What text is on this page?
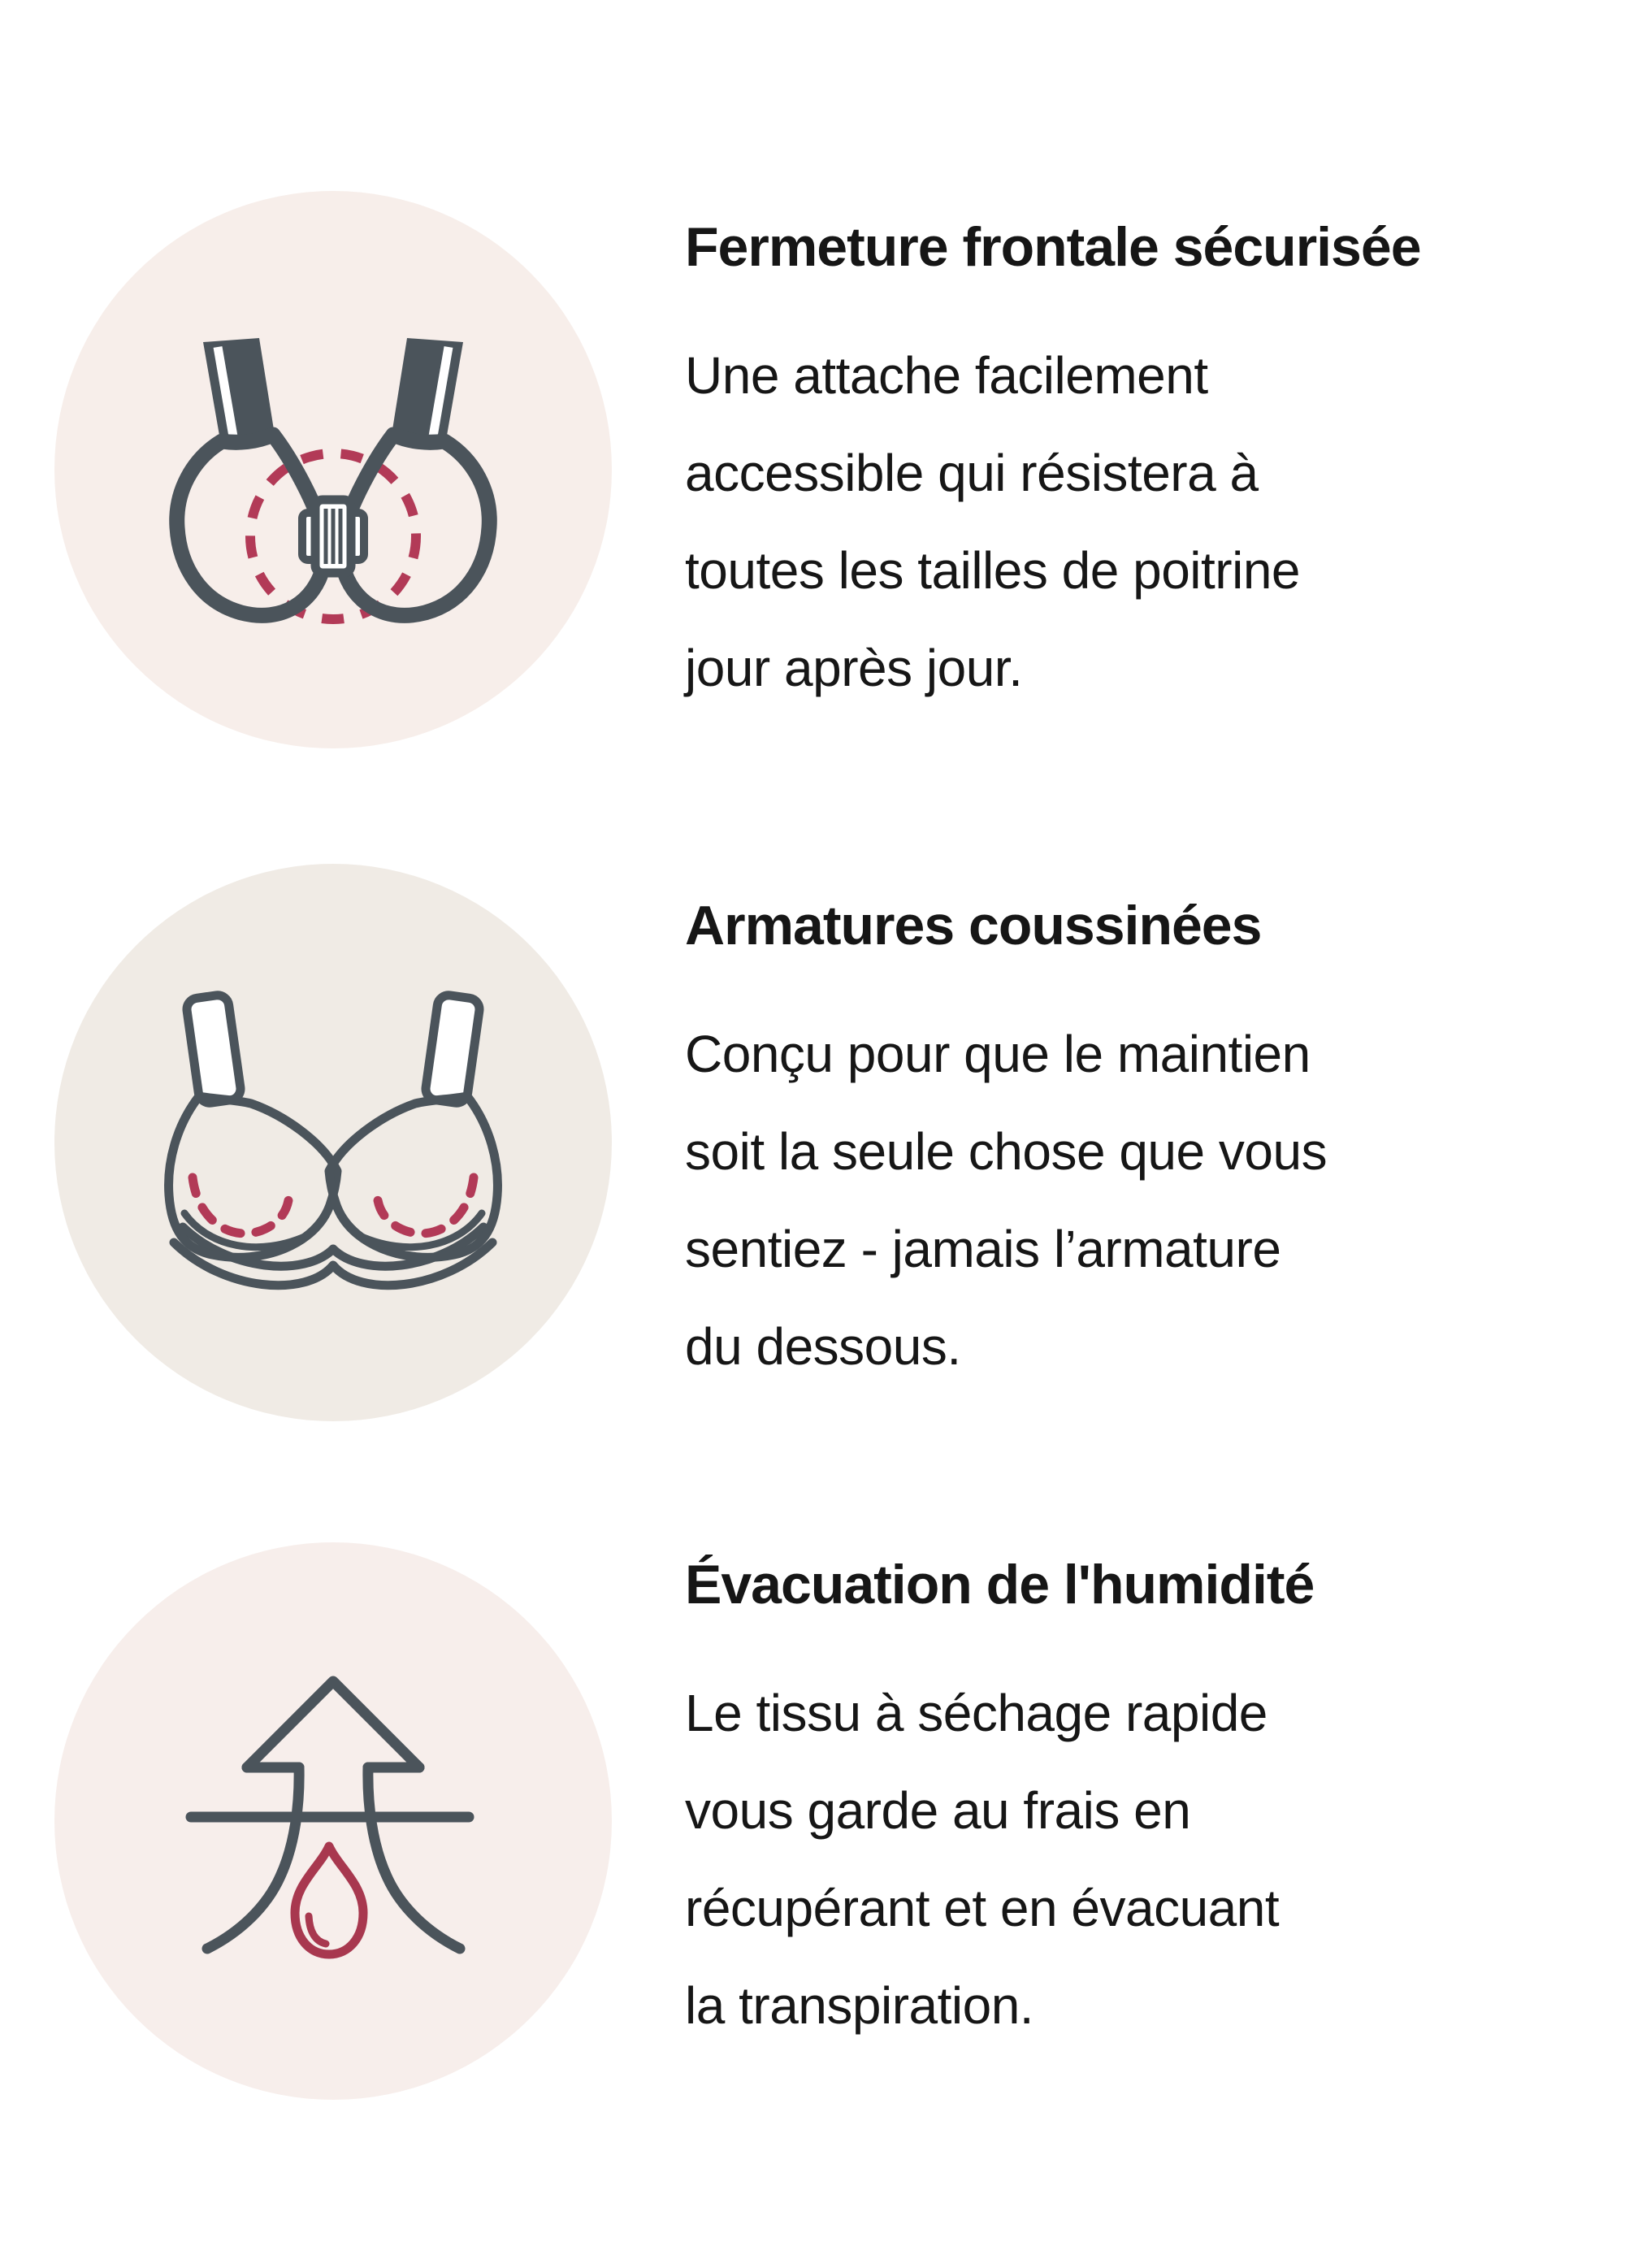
Fermeture frontale sécurisée
Une attache facilement
accessible qui résistera à
toutes les tailles de poitrine
jour après jour.
Armatures coussinées
Conçu pour que le maintien
soit la seule chose que vous
sentiez - jamais l’armature
du dessous.
Évacuation de l'humidité
Le tissu à séchage rapide
vous garde au frais en
récupérant et en évacuant
la transpiration.
